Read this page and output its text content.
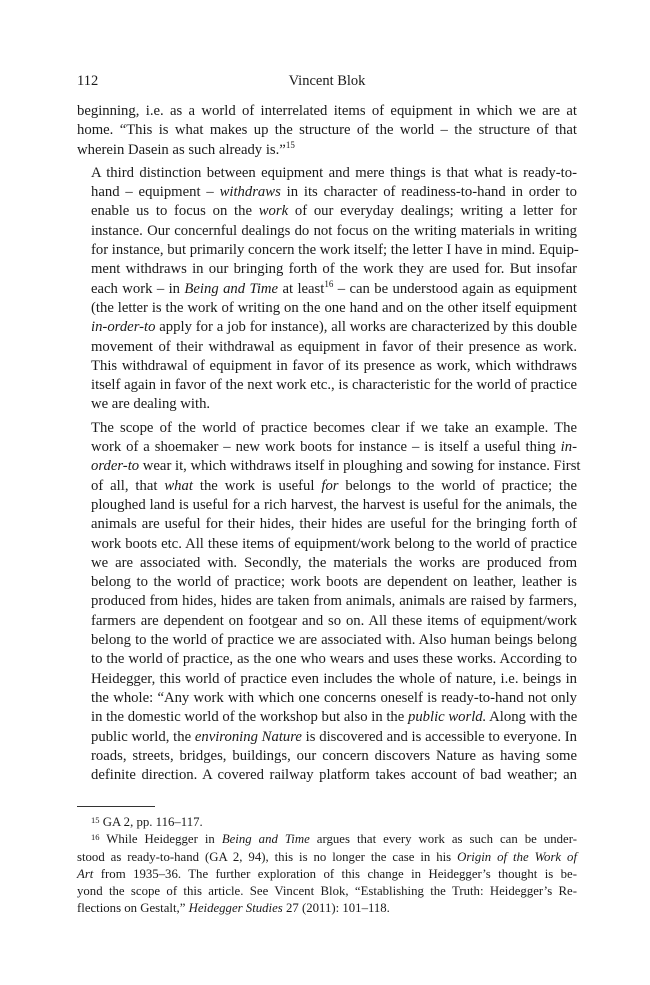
112	Vincent Blok

beginning, i.e. as a world of interrelated items of equipment in which we are at
home. “This is what makes up the structure of the world – the structure of that
wherein Dasein as such already is.”$^{15}$

A third distinction between equipment and mere things is that what is ready-to-
hand – equipment – withdraws in its character of readiness-to-hand in order to
enable us to focus on the work of our everyday dealings; writing a letter for
instance. Our concernful dealings do not focus on the writing materials in writing
for instance, but primarily concern the work itself; the letter I have in mind. Equip-
ment withdraws in our bringing forth of the work they are used for. But insofar
each work – in Being and Time at least$^{16}$ – can be understood again as equipment
(the letter is the work of writing on the one hand and on the other itself equipment
in-order-to apply for a job for instance), all works are characterized by this double
movement of their withdrawal as equipment in favor of their presence as work.
This withdrawal of equipment in favor of its presence as work, which withdraws
itself again in favor of the next work etc., is characteristic for the world of practice
we are dealing with.

The scope of the world of practice becomes clear if we take an example. The
work of a shoemaker – new work boots for instance – is itself a useful thing in-
order-to wear it, which withdraws itself in ploughing and sowing for instance. First
of all, that what the work is useful for belongs to the world of practice; the
ploughed land is useful for a rich harvest, the harvest is useful for the animals, the
animals are useful for their hides, their hides are useful for the bringing forth of
work boots etc. All these items of equipment/work belong to the world of practice
we are associated with. Secondly, the materials the works are produced from
belong to the world of practice; work boots are dependent on leather, leather is
produced from hides, hides are taken from animals, animals are raised by farmers,
farmers are dependent on footgear and so on. All these items of equipment/work
belong to the world of practice we are associated with. Also human beings belong
to the world of practice, as the one who wears and uses these works. According to
Heidegger, this world of practice even includes the whole of nature, i.e. beings in
the whole: “Any work with which one concerns oneself is ready-to-hand not only
in the domestic world of the workshop but also in the public world. Along with the
public world, the environing Nature is discovered and is accessible to everyone. In
roads, streets, bridges, buildings, our concern discovers Nature as having some
definite direction. A covered railway platform takes account of bad weather; an

$^{15}$ GA 2, pp. 116–117.
$^{16}$ While Heidegger in Being and Time argues that every work as such can be under-
stood as ready-to-hand (GA 2, 94), this is no longer the case in his Origin of the Work of
Art from 1935–36. The further exploration of this change in Heidegger’s thought is be-
yond the scope of this article. See Vincent Blok, “Establishing the Truth: Heidegger’s Re-
flections on Gestalt,” Heidegger Studies 27 (2011): 101–118.
